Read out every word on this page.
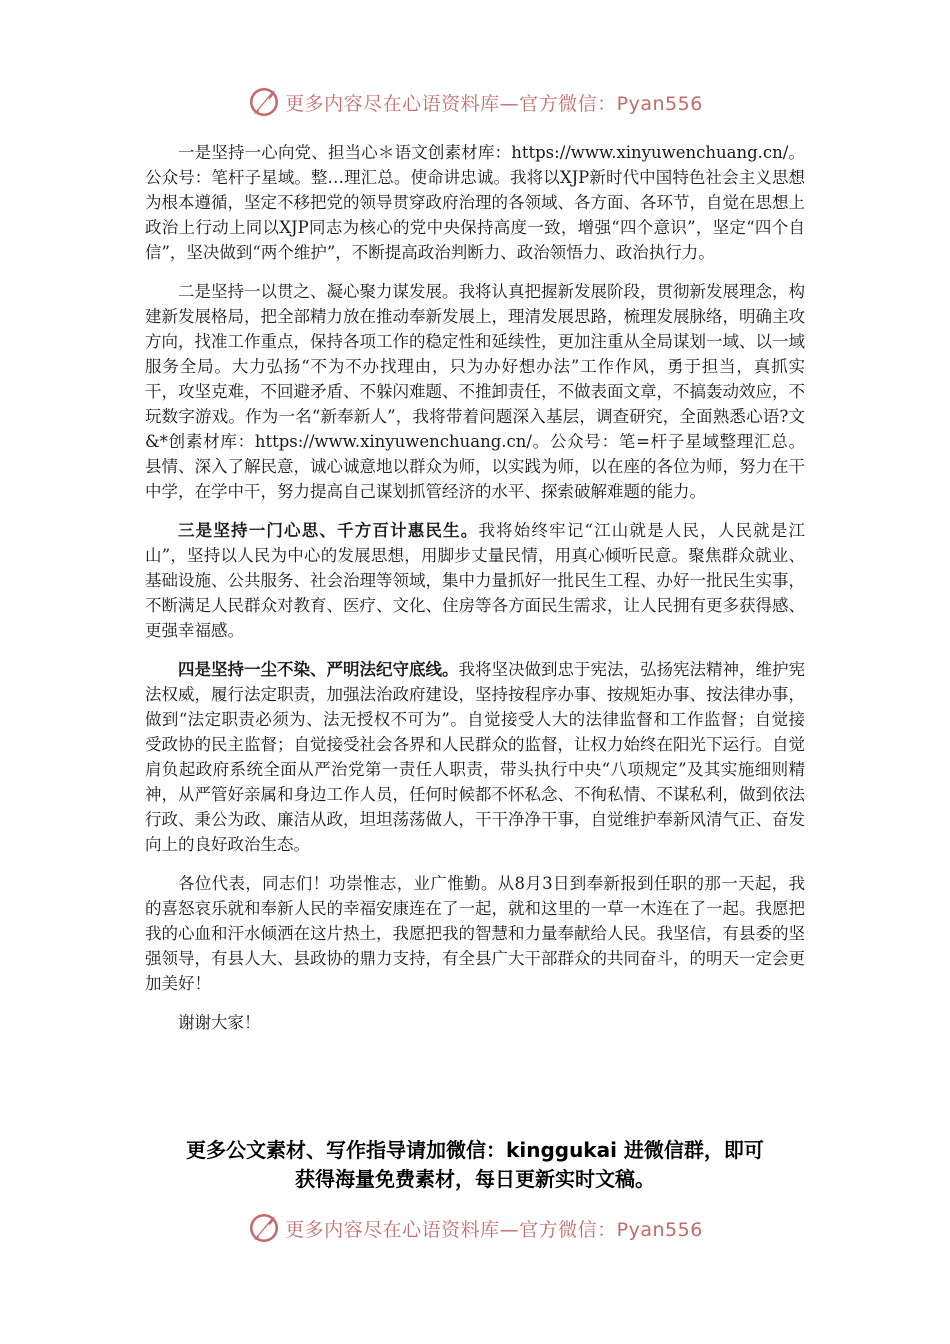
更多内容尽在心语资料库—官方微信：Pyan556

一是坚持一心向党、担当心＊语文创素材库：https://www.xinyuwenchuang.cn/。公众号：笔杆子星域。整…理汇总。使命讲忠诚。我将以XJP新时代中国特色社会主义思想为根本遵循，坚定不移把党的领导贯穿政府治理的各领域、各方面、各环节，自觉在思想上政治上行动上同以XJP同志为核心的党中央保持高度一致，增强“四个意识”，坚定“四个自信”，坚决做到“两个维护”，不断提高政治判断力、政治领悟力、政治执行力。

二是坚持一以贯之、凝心聚力谋发展。我将认真把握新发展阶段，贯彻新发展理念，构建新发展格局，把全部精力放在推动奉新发展上，理清发展思路，梳理发展脉络，明确主攻方向，找准工作重点，保持各项工作的稳定性和延续性，更加注重从全局谋划一域、以一域服务全局。大力弘扬“不为不办找理由，只为办好想办法”工作作风，勇于担当，真抓实干，攻坚克难，不回避矛盾、不躲闪难题、不推卸责任，不做表面文章，不搞轰动效应，不玩数字游戏。作为一名“新奉新人”，我将带着问题深入基层，调查研究，全面熟悉心语?文&*创素材库：https://www.xinyuwenchuang.cn/。公众号：笔=杆子星域整理汇总。县情、深入了解民意，诚心诚意地以群众为师，以实践为师，以在座的各位为师，努力在干中学，在学中干，努力提高自己谋划抓管经济的水平、探索破解难题的能力。

三是坚持一门心思、千方百计惠民生。我将始终牢记“江山就是人民，人民就是江山”，坚持以人民为中心的发展思想，用脚步丈量民情，用真心倾听民意。聚焦群众就业、基础设施、公共服务、社会治理等领域，集中力量抓好一批民生工程、办好一批民生实事，不断满足人民群众对教育、医疗、文化、住房等各方面民生需求，让人民拥有更多获得感、更强幸福感。

四是坚持一尘不染、严明法纪守底线。我将坚决做到忠于宪法，弘扬宪法精神，维护宪法权威，履行法定职责，加强法治政府建设，坚持按程序办事、按规矩办事、按法律办事，做到“法定职责必须为、法无授权不可为”。自觉接受人大的法律监督和工作监督；自觉接受政协的民主监督；自觉接受社会各界和人民群众的监督，让权力始终在阳光下运行。自觉肩负起政府系统全面从严治党第一责任人职责，带头执行中央“八项规定”及其实施细则精神，从严管好亲属和身边工作人员，任何时候都不怀私念、不徇私情、不谋私利，做到依法行政、秉公为政、廉洁从政，坦坦荡荡做人，干干净净干事，自觉维护奉新风清气正、奋发向上的良好政治生态。

各位代表，同志们！功崇惟志，业广惟勤。从8月3日到奉新报到任职的那一天起，我的喜怒哀乐就和奉新人民的幸福安康连在了一起，就和这里的一草一木连在了一起。我愿把我的心血和汗水倾洒在这片热土，我愿把我的智慧和力量奉献给人民。我坚信，有县委的坚强领导，有县人大、县政协的鼎力支持，有全县广大干部群众的共同奋斗，的明天一定会更加美好！

谢谢大家！

更多公文素材、写作指导请加微信：kinggukai 进微信群，即可
获得海量免费素材，每日更新实时文稿。
更多内容尽在心语资料库—官方微信：Pyan556
